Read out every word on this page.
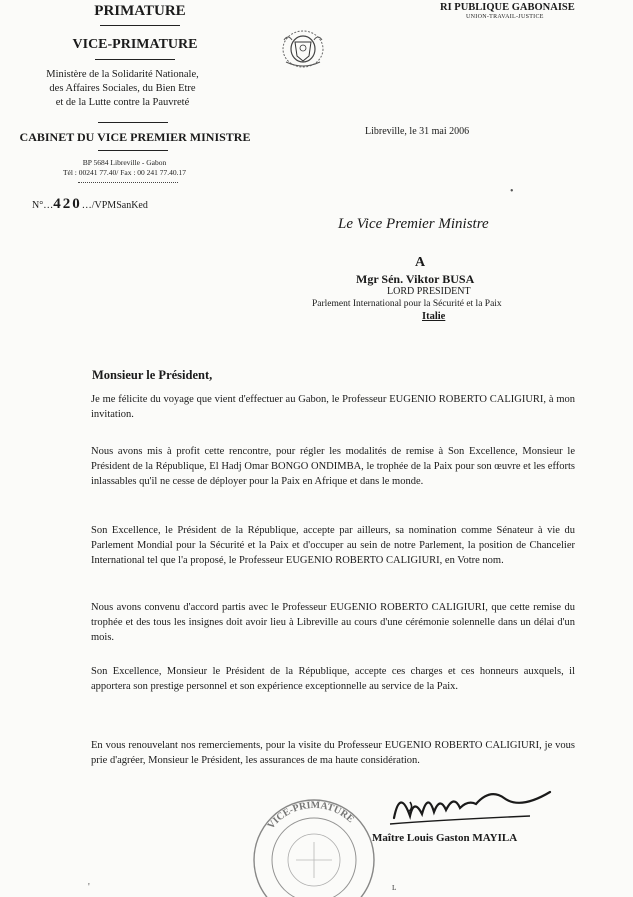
PRIMATURE
VICE-PRIMATURE
Ministère de la Solidarité Nationale,
des Affaires Sociales, du Bien Etre
et de la Lutte contre la Pauvreté
CABINET DU VICE PREMIER MINISTRE
BP 5684 Libreville - Gabon
Tél : 00241 77.40/ Fax : 00 241 77.40.17
N°…420…/VPMSanKed
RI PUBLIQUE GABONAISE
UNION-TRAVAIL-JUSTICE
Libreville, le 31 mai 2006
•
Le Vice Premier Ministre
A
Mgr Sén. Viktor BUSA
LORD PRESIDENT
Parlement International pour la Sécurité et la Paix
Italie
Monsieur le Président,
Je me félicite du voyage que vient d'effectuer au Gabon, le Professeur EUGENIO ROBERTO CALIGIURI, à mon invitation.
Nous avons mis à profit cette rencontre, pour régler les modalités de remise à Son Excellence, Monsieur le Président de la République, El Hadj Omar BONGO ONDIMBA, le trophée de la Paix pour son œuvre et les efforts inlassables qu'il ne cesse de déployer pour la Paix en Afrique et dans le monde.
Son Excellence, le Président de la République, accepte par ailleurs, sa nomination comme Sénateur à vie du Parlement Mondial pour la Sécurité et la Paix et d'occuper au sein de notre Parlement, la position de Chancelier International tel que l'a proposé, le Professeur EUGENIO ROBERTO CALIGIURI, en Votre nom.
Nous avons convenu d'accord partis avec le Professeur EUGENIO ROBERTO CALIGIURI, que cette remise du trophée et des tous les insignes doit avoir lieu à Libreville au cours d'une cérémonie solennelle dans un délai d'un mois.
Son Excellence, Monsieur le Président de la République, accepte ces charges et ces honneurs auxquels, il apportera son prestige personnel et son expérience exceptionnelle au service de la Paix.
En vous renouvelant nos remerciements, pour la visite du Professeur EUGENIO ROBERTO CALIGIURI, je vous prie d'agréer, Monsieur le Président, les assurances de ma haute considération.
VICE-PRIMATURE
Maître Louis Gaston MAYILA
'	ʟ
